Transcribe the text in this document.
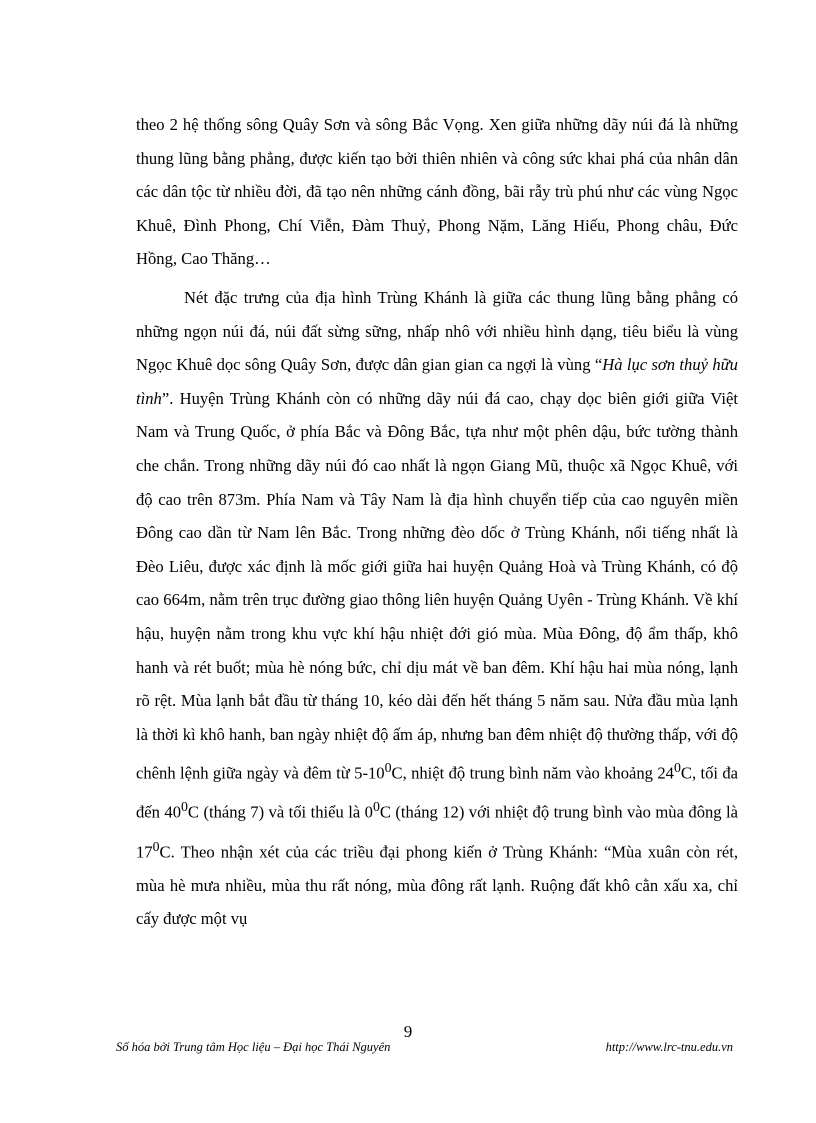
theo 2 hệ thống sông Quây Sơn và sông Bắc Vọng. Xen giữa những dãy núi đá là những thung lũng bằng phẳng, được kiến tạo bởi thiên nhiên và công sức khai phá của nhân dân các dân tộc từ nhiều đời, đã tạo nên những cánh đồng, bãi rẫy trù phú như các vùng Ngọc Khuê, Đình Phong, Chí Viễn, Đàm Thuỷ, Phong Nặm, Lăng Hiếu, Phong châu, Đức Hồng, Cao Thăng…

Nét đặc trưng của địa hình Trùng Khánh là giữa các thung lũng bằng phẳng có những ngọn núi đá, núi đất sừng sững, nhấp nhô với nhiều hình dạng, tiêu biểu là vùng Ngọc Khuê dọc sông Quây Sơn, được dân gian gian ca ngợi là vùng “Hà lục sơn thuỷ hữu tình”. Huyện Trùng Khánh còn có những dãy núi đá cao, chạy dọc biên giới giữa Việt Nam và Trung Quốc, ở phía Bắc và Đông Bắc, tựa như một phên dậu, bức tường thành che chắn. Trong những dãy núi đó cao nhất là ngọn Giang Mũ, thuộc xã Ngọc Khuê, với độ cao trên 873m. Phía Nam và Tây Nam là địa hình chuyển tiếp của cao nguyên miền Đông cao dần từ Nam lên Bắc. Trong những đèo dốc ở Trùng Khánh, nổi tiếng nhất là Đèo Liêu, được xác định là mốc giới giữa hai huyện Quảng Hoà và Trùng Khánh, có độ cao 664m, nằm trên trục đường giao thông liên huyện Quảng Uyên - Trùng Khánh. Về khí hậu, huyện nằm trong khu vực khí hậu nhiệt đới gió mùa. Mùa Đông, độ ẩm thấp, khô hanh và rét buốt; mùa hè nóng bức, chỉ dịu mát về ban đêm. Khí hậu hai mùa nóng, lạnh rõ rệt. Mùa lạnh bắt đầu từ tháng 10, kéo dài đến hết tháng 5 năm sau. Nửa đầu mùa lạnh là thời kì khô hanh, ban ngày nhiệt độ ấm áp, nhưng ban đêm nhiệt độ thường thấp, với độ chênh lệnh giữa ngày và đêm từ $5-10^0C$, nhiệt độ trung bình năm vào khoảng $24^0C$, tối đa đến $40^0C$ (tháng 7) và tối thiểu là $0^0C$ (tháng 12) với nhiệt độ trung bình vào mùa đông là $17^0C$. Theo nhận xét của các triều đại phong kiến ở Trùng Khánh: “Mùa xuân còn rét, mùa hè mưa nhiều, mùa thu rất nóng, mùa đông rất lạnh. Ruộng đất khô cằn xấu xa, chỉ cấy được một vụ

9
Số hóa bởi Trung tâm Học liệu – Đại học Thái Nguyên	http://www.lrc-tnu.edu.vn
